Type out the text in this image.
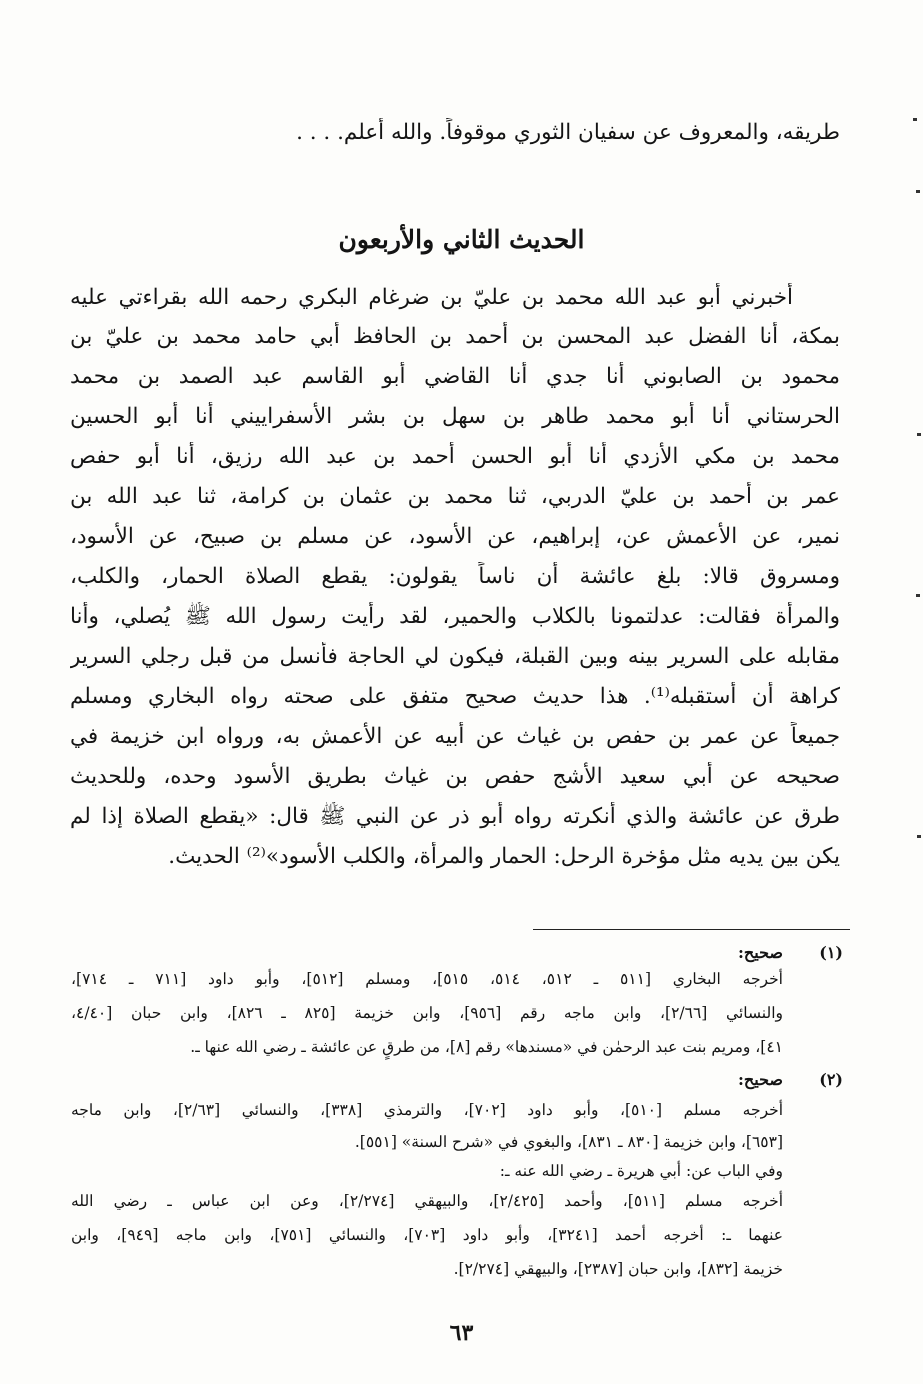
طريقه، والمعروف عن سفيان الثوري موقوفاً. والله أعلم. . . .
الحديث الثاني والأربعون
أخبرني أبو عبد الله محمد بن عليّ بن ضرغام البكري رحمه الله بقراءتي عليه
بمكة، أنا الفضل عبد المحسن بن أحمد بن الحافظ أبي حامد محمد بن عليّ بن
محمود بن الصابوني أنا جدي أنا القاضي أبو القاسم عبد الصمد بن محمد
الحرستاني أنا أبو محمد طاهر بن سهل بن بشر الأسفراييني أنا أبو الحسين
محمد بن مكي الأزدي أنا أبو الحسن أحمد بن عبد الله رزيق، أنا أبو حفص
عمر بن أحمد بن عليّ الدربي، ثنا محمد بن عثمان بن كرامة، ثنا عبد الله بن
نمير، عن الأعمش عن، إبراهيم، عن الأسود، عن مسلم بن صبيح، عن الأسود،
ومسروق قالا: بلغ عائشة أن ناساً يقولون: يقطع الصلاة الحمار، والكلب،
والمرأة فقالت: عدلتمونا بالكلاب والحمير، لقد رأيت رسول الله ﷺ يُصلي، وأنا
مقابله على السرير بينه وبين القبلة، فيكون لي الحاجة فأنسل من قبل رجلي السرير
كراهة أن أستقبله⁽¹⁾. هذا حديث صحيح متفق على صحته رواه البخاري ومسلم
جميعاً عن عمر بن حفص بن غياث عن أبيه عن الأعمش به، ورواه ابن خزيمة في
صحيحه عن أبي سعيد الأشج حفص بن غياث بطريق الأسود وحده، وللحديث
طرق عن عائشة والذي أنكرته رواه أبو ذر عن النبي ﷺ قال: «يقطع الصلاة إذا لم
يكن بين يديه مثل مؤخرة الرحل: الحمار والمرأة، والكلب الأسود»⁽²⁾ الحديث.
(١)
صحيح:
أخرجه البخاري [٥١١ ـ ٥١٢، ٥١٤، ٥١٥]، ومسلم [٥١٢]، وأبو داود [٧١١ ـ ٧١٤]،
والنسائي [٢/٦٦]، وابن ماجه رقم [٩٥٦]، وابن خزيمة [٨٢٥ ـ ٨٢٦]، وابن حبان [٤/٤٠،
٤١]، ومريم بنت عبد الرحمٰن في «مسندها» رقم [٨]، من طرقٍ عن عائشة ـ رضي الله عنها ـ.
(٢)
صحيح:
أخرجه مسلم [٥١٠]، وأبو داود [٧٠٢]، والترمذي [٣٣٨]، والنسائي [٢/٦٣]، وابن ماجه
[٦٥٣]، وابن خزيمة [٨٣٠ ـ ٨٣١]، والبغوي في «شرح السنة» [٥٥١].
وفي الباب عن: أبي هريرة ـ رضي الله عنه ـ:
أخرجه مسلم [٥١١]، وأحمد [٢/٤٢٥]، والبيهقي [٢/٢٧٤]، وعن ابن عباس ـ رضي الله
عنهما ـ: أخرجه أحمد [٣٢٤١]، وأبو داود [٧٠٣]، والنسائي [٧٥١]، وابن ماجه [٩٤٩]، وابن
خزيمة [٨٣٢]، وابن حبان [٢٣٨٧]، والبيهقي [٢/٢٧٤].
٦٣
